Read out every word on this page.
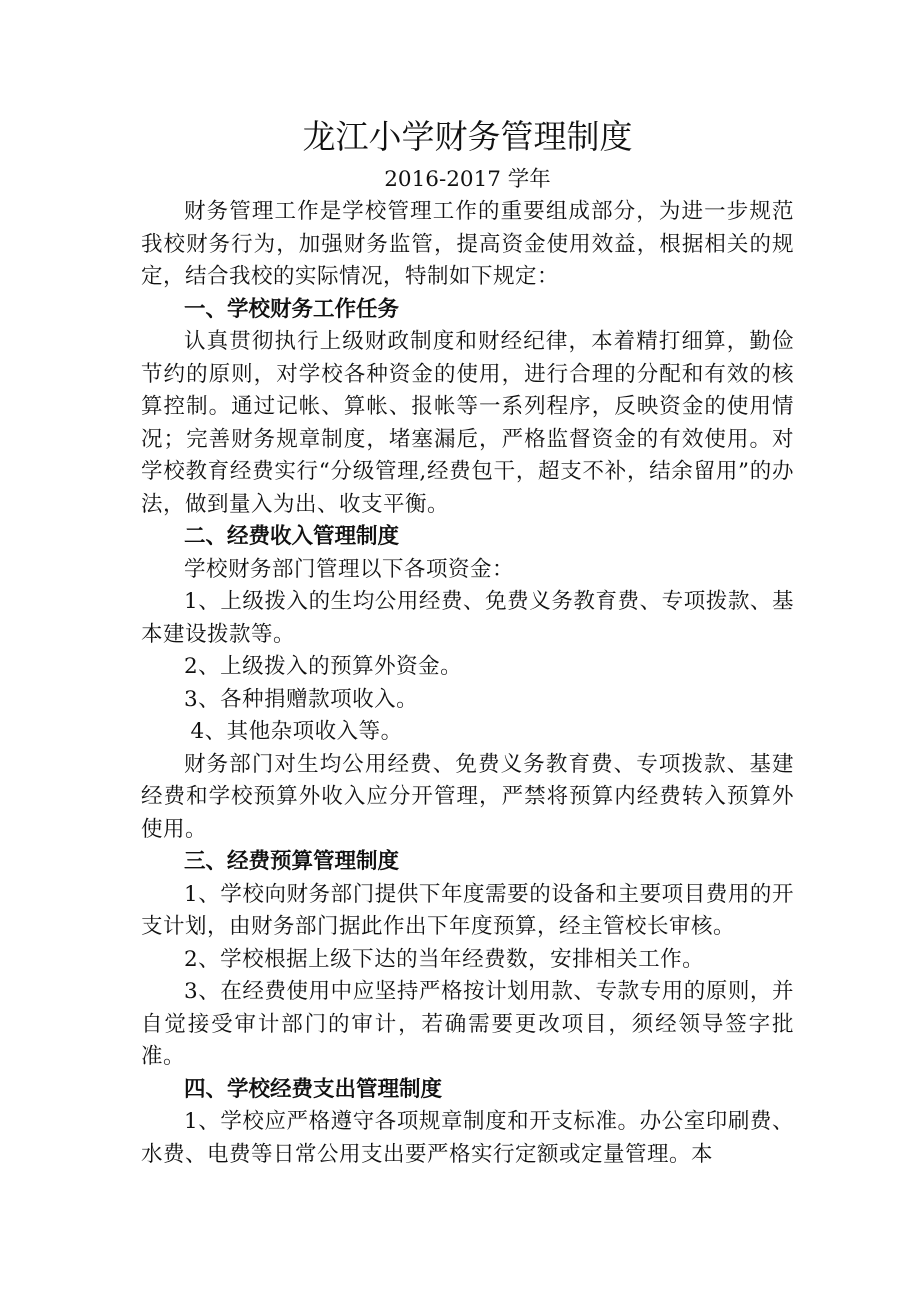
龙江小学财务管理制度
2016-2017 学年

财务管理工作是学校管理工作的重要组成部分，为进一步规范我校财务行为，加强财务监管，提高资金使用效益，根据相关的规定，结合我校的实际情况，特制如下规定：

一、学校财务工作任务

认真贯彻执行上级财政制度和财经纪律，本着精打细算，勤俭节约的原则，对学校各种资金的使用，进行合理的分配和有效的核算控制。通过记帐、算帐、报帐等一系列程序，反映资金的使用情况；完善财务规章制度，堵塞漏卮，严格监督资金的有效使用。对学校教育经费实行“分级管理,经费包干，超支不补，结余留用”的办法，做到量入为出、收支平衡。

二、经费收入管理制度

学校财务部门管理以下各项资金：

1、上级拨入的生均公用经费、免费义务教育费、专项拨款、基本建设拨款等。

2、上级拨入的预算外资金。

3、各种捐赠款项收入。

4、其他杂项收入等。

财务部门对生均公用经费、免费义务教育费、专项拨款、基建经费和学校预算外收入应分开管理，严禁将预算内经费转入预算外使用。

三、经费预算管理制度

1、学校向财务部门提供下年度需要的设备和主要项目费用的开支计划，由财务部门据此作出下年度预算，经主管校长审核。

2、学校根据上级下达的当年经费数，安排相关工作。

3、在经费使用中应坚持严格按计划用款、专款专用的原则，并自觉接受审计部门的审计，若确需要更改项目，须经领导签字批准。

四、学校经费支出管理制度

1、学校应严格遵守各项规章制度和开支标准。办公室印刷费、水费、电费等日常公用支出要严格实行定额或定量管理。本
